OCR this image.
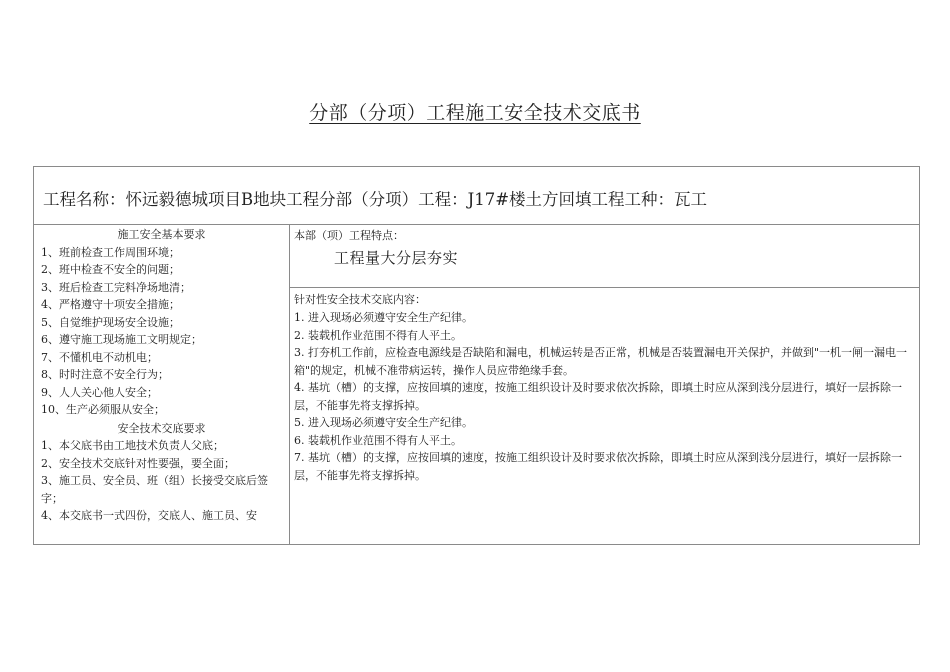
分部（分项）工程施工安全技术交底书
工程名称：怀远毅德城项目B地块工程分部（分项）工程：J17#楼土方回填工程工种：瓦工
施工安全基本要求
1、班前检查工作周围环境；
2、班中检查不安全的问题；
3、班后检查工完料净场地清；
4、严格遵守十项安全措施；
5、自觉维护现场安全设施；
6、遵守施工现场施工文明规定；
7、不懂机电不动机电；
8、时时注意不安全行为；
9、人人关心他人安全；
10、生产必须服从安全；
安全技术交底要求
1、本父底书由工地技术负责人父底；
2、安全技术交底针对性要强，要全面；
3、施工员、安全员、班（组）长接受交底后签
字；
4、本交底书一式四份，交底人、施工员、安
本部（项）工程特点：
工程量大分层夯实
针对性安全技术交底内容：
1. 进入现场必须遵守安全生产纪律。
2. 装载机作业范围不得有人平土。
3. 打夯机工作前，应检查电源线是否缺陷和漏电，机械运转是否正常，机械是否装置漏电开关保护，并做到"一机一闸一漏电一箱"的规定，机械不准带病运转，操作人员应带绝缘手套。
4. 基坑（槽）的支撑，应按回填的速度，按施工组织设计及时要求依次拆除，即填土时应从深到浅分层进行，填好一层拆除一层，不能事先将支撑拆掉。
5. 进入现场必须遵守安全生产纪律。
6. 装载机作业范围不得有人平土。
7. 基坑（槽）的支撑，应按回填的速度，按施工组织设计及时要求依次拆除，即填土时应从深到浅分层进行，填好一层拆除一层，不能事先将支撑拆掉。
